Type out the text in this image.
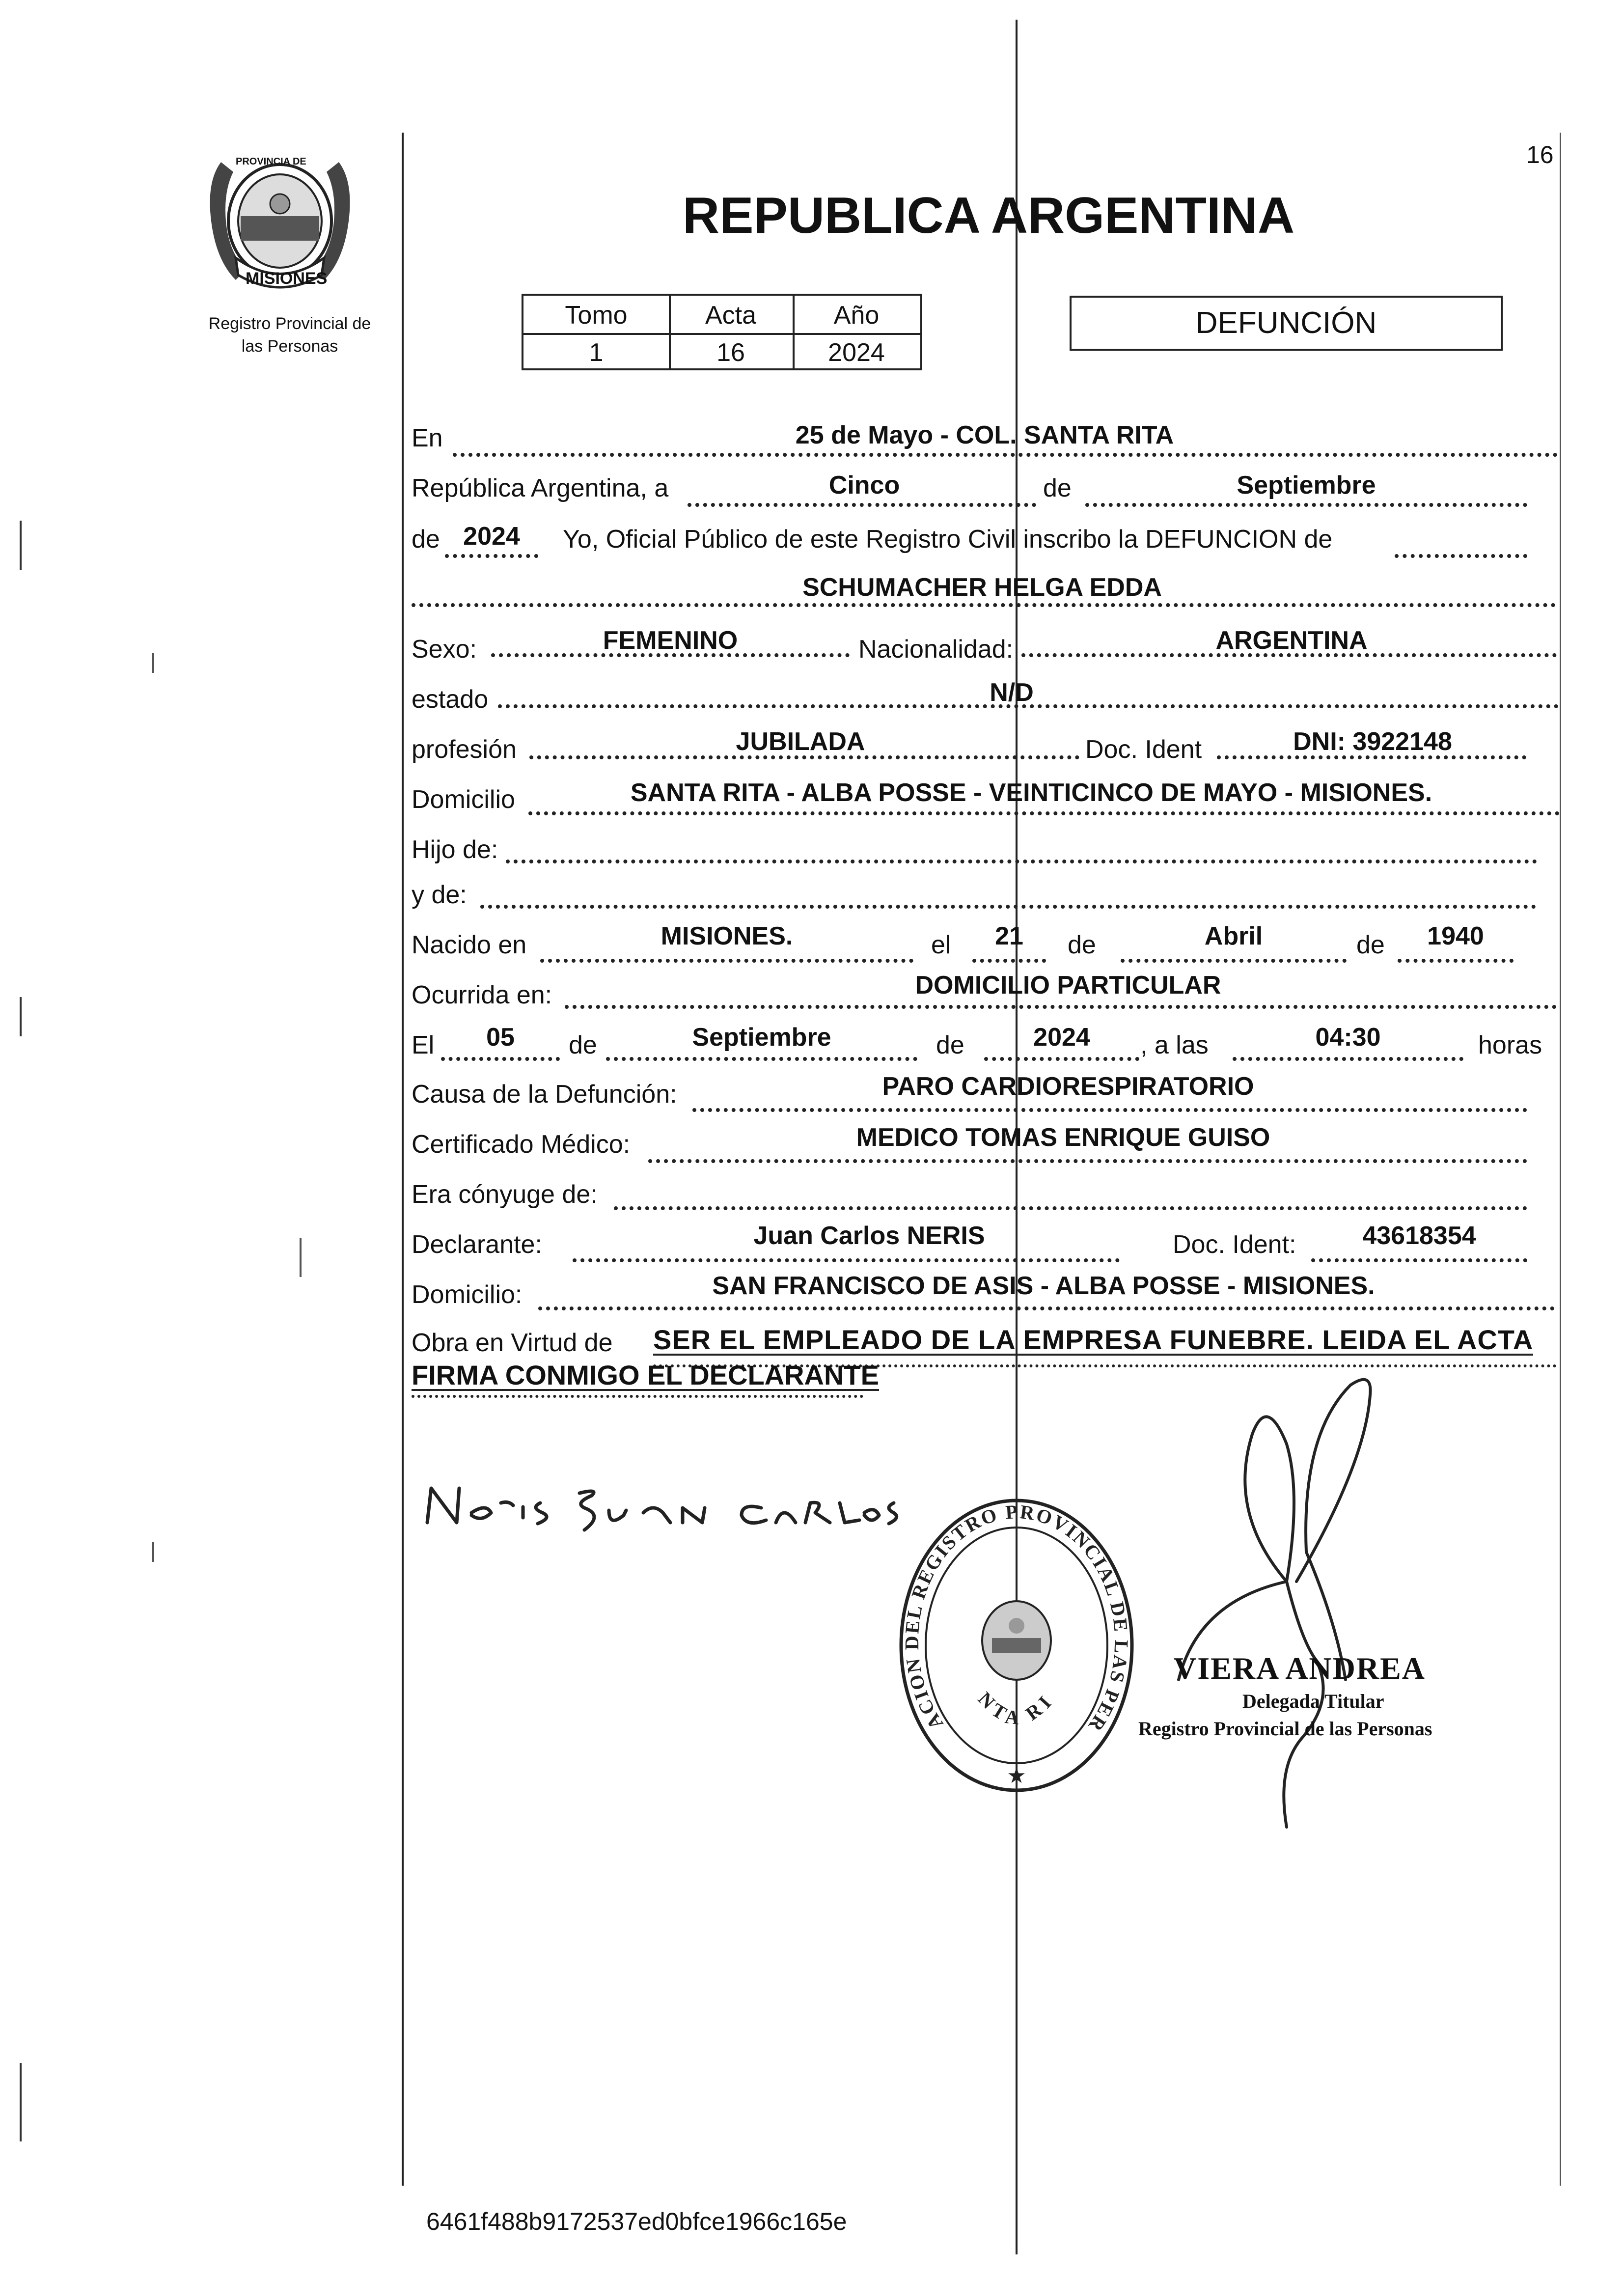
16
PROVINCIA DE
MISIONES
Registro Provincial de
las Personas
REPUBLICA ARGENTINA
Tomo	Acta	Año
1	16	2024
DEFUNCIÓN
En	25 de Mayo - COL. SANTA RITA
República Argentina, a	Cinco	de	Septiembre
de 2024	Yo, Oficial Público de este Registro Civil inscribo la DEFUNCION de
SCHUMACHER HELGA EDDA
Sexo:	FEMENINO	Nacionalidad:	ARGENTINA
estado	N/D
profesión	JUBILADA	Doc. Ident	DNI: 3922148
Domicilio	SANTA RITA - ALBA POSSE - VEINTICINCO DE MAYO - MISIONES.
Hijo de:
y de:
Nacido en	MISIONES.	el	21	de	Abril	de	1940
Ocurrida en:	DOMICILIO PARTICULAR
El	05	de	Septiembre	de	2024	, a las	04:30	horas
Causa de la Defunción:	PARO CARDIORESPIRATORIO
Certificado Médico:	MEDICO TOMAS ENRIQUE GUISO
Era cónyuge de:
Declarante:	Juan Carlos NERIS	Doc. Ident:	43618354
Domicilio:	SAN FRANCISCO DE ASIS - ALBA POSSE - MISIONES.
Obra en Virtud de SER EL EMPLEADO DE LA EMPRESA FUNEBRE. LEIDA EL ACTA
FIRMA CONMIGO EL DECLARANTE
ACION DEL REGISTRO PROVINCIAL DE LAS PER
NTA RI
★
VIERA ANDREA
Delegada Titular
Registro Provincial de las Personas
6461f488b9172537ed0bfce1966c165e
